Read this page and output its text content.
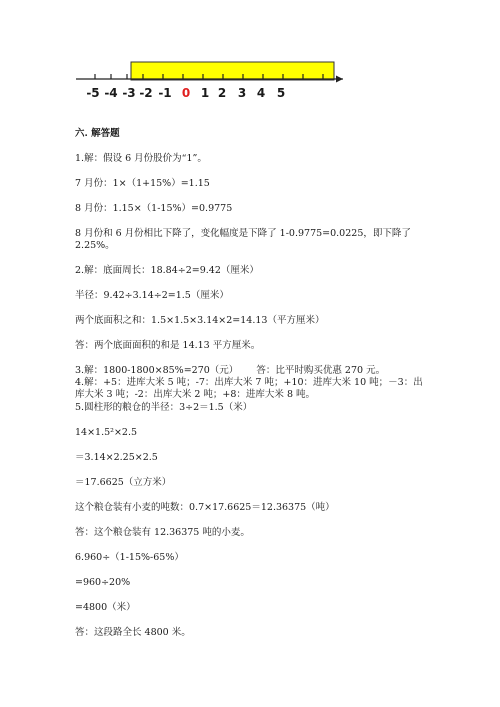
-5 -4 -3 -2 -1 0 1 2 3 4 5
六. 解答题
1.解：假设 6 月份股价为“1”。
7 月份：1×（1+15%）=1.15
8 月份：1.15×（1-15%）=0.9775
8 月份和 6 月份相比下降了，变化幅度是下降了 1-0.9775=0.0225，即下降了 2.25%。
2.解：底面周长：18.84÷2=9.42（厘米）
半径：9.42÷3.14÷2=1.5（厘米）
两个底面积之和：1.5×1.5×3.14×2=14.13（平方厘米）
答：两个底面面积的和是 14.13 平方厘米。
3.解：1800-1800×85%=270（元）      答：比平时购买优惠 270 元。
4.解：+5：进库大米 5 吨；-7：出库大米 7 吨；+10：进库大米 10 吨；－3：出库大米 3 吨；-2：出库大米 2 吨；+8：进库大米 8 吨。
5.圆柱形的粮仓的半径：3÷2＝1.5（米）
14×1.5²×2.5
＝3.14×2.25×2.5
＝17.6625（立方米）
这个粮仓装有小麦的吨数：0.7×17.6625＝12.36375（吨）
答：这个粮仓装有 12.36375 吨的小麦。
6.960÷（1-15%-65%）
=960÷20%
=4800（米）
答：这段路全长 4800 米。
